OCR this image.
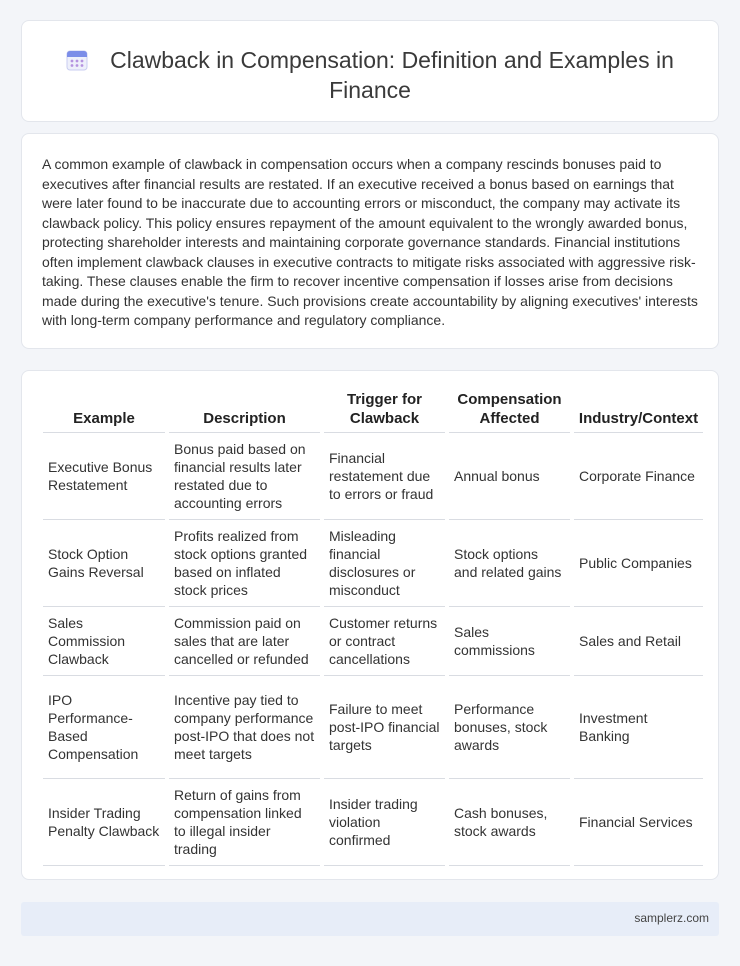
Clawback in Compensation: Definition and Examples in Finance

A common example of clawback in compensation occurs when a company rescinds bonuses paid to executives after financial results are restated. If an executive received a bonus based on earnings that were later found to be inaccurate due to accounting errors or misconduct, the company may activate its clawback policy. This policy ensures repayment of the amount equivalent to the wrongly awarded bonus, protecting shareholder interests and maintaining corporate governance standards. Financial institutions often implement clawback clauses in executive contracts to mitigate risks associated with aggressive risk-taking. These clauses enable the firm to recover incentive compensation if losses arise from decisions made during the executive's tenure. Such provisions create accountability by aligning executives' interests with long-term company performance and regulatory compliance.

Example	Description	Trigger for Clawback	Compensation Affected	Industry/Context
Executive Bonus Restatement	Bonus paid based on financial results later restated due to accounting errors	Financial restatement due to errors or fraud	Annual bonus	Corporate Finance
Stock Option Gains Reversal	Profits realized from stock options granted based on inflated stock prices	Misleading financial disclosures or misconduct	Stock options and related gains	Public Companies
Sales Commission Clawback	Commission paid on sales that are later cancelled or refunded	Customer returns or contract cancellations	Sales commissions	Sales and Retail
IPO Performance-Based Compensation	Incentive pay tied to company performance post-IPO that does not meet targets	Failure to meet post-IPO financial targets	Performance bonuses, stock awards	Investment Banking
Insider Trading Penalty Clawback	Return of gains from compensation linked to illegal insider trading	Insider trading violation confirmed	Cash bonuses, stock awards	Financial Services
samplerz.com
